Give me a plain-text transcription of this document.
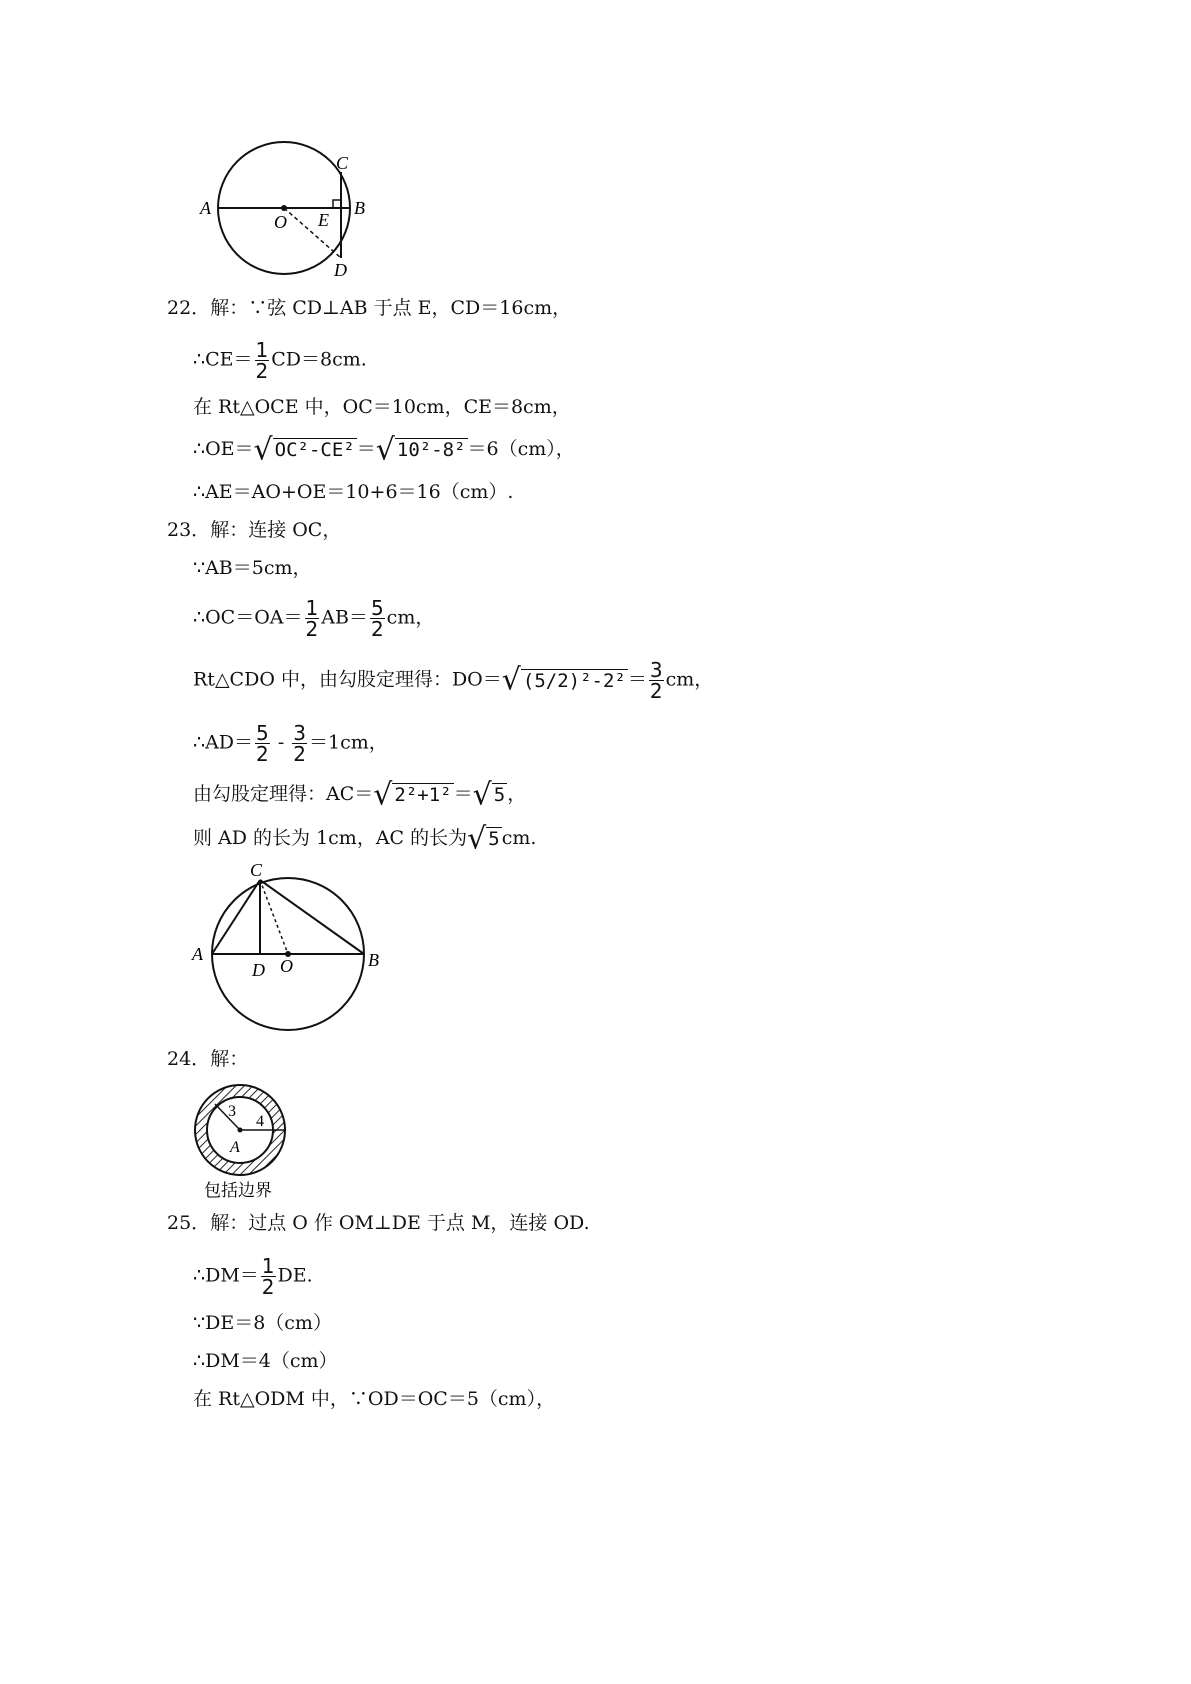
A	B
C
D
E
O
22．解：∵弦 CD⊥AB 于点 E，CD＝16cm，
∴CE＝ $\frac{1}{2} CD=8cm$.
在 Rt△OCE 中，OC＝10cm，CE＝8cm，
∴OE＝√ OC²-CE² ＝√ 10²-8² ＝6（cm），
∴AE＝AO+OE＝10+6＝16（cm）.
23．解：连接 OC，
∵AB＝5cm，
∴OC＝OA＝ $\frac{1}{2} AB= \frac{5}{2}$ cm，
Rt△CDO 中，由勾股定理得：DO＝√ $(5/2)^2-2^2 = \frac{3}{2}$ cm，
∴AD＝ $\frac{5}{2} - \frac{3}{2} =1cm$，
由勾股定理得：AC＝√ 2²+1² ＝√ 5 ，
则 AD 的长为 1cm，AC 的长为√ 5 cm.
A	B
C
D O
24．解：
3
4
A
包括边界
25．解：过点 O 作 OM⊥DE 于点 M，连接 OD.
∴DM＝ $\frac{1}{2}$ DE.
∵DE＝8（cm）
∴DM＝4（cm）
在 Rt△ODM 中，∵OD＝OC＝5（cm），
